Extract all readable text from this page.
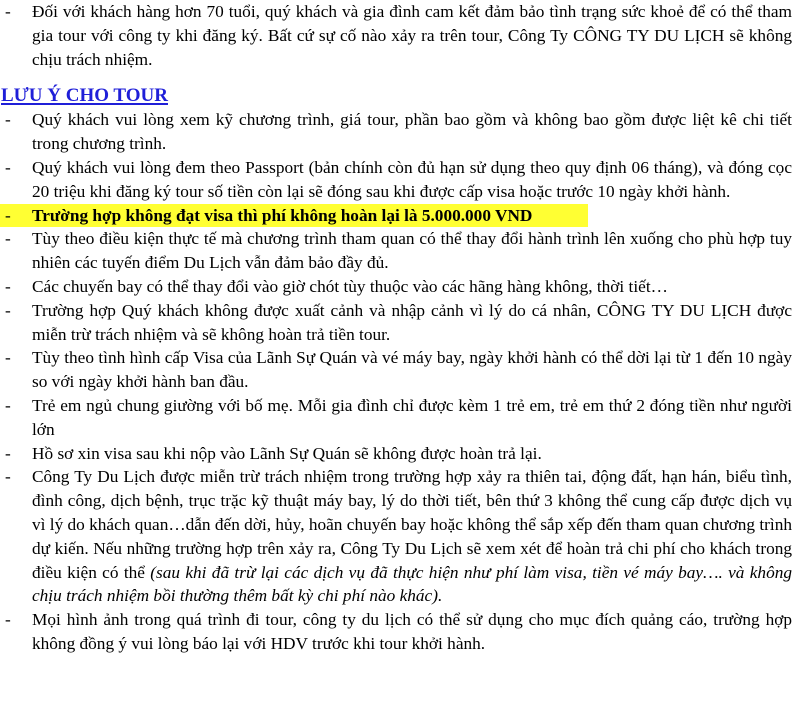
- Đối với khách hàng hơn 70 tuổi, quý khách và gia đình cam kết đảm bảo tình trạng sức khoẻ để có thể tham gia tour với công ty khi đăng ký. Bất cứ sự cố nào xảy ra trên tour, Công Ty CÔNG TY DU LỊCH sẽ không chịu trách nhiệm.
LƯU Ý CHO TOUR
- Quý khách vui lòng xem kỹ chương trình, giá tour, phần bao gồm và không bao gồm được liệt kê chi tiết trong chương trình.
- Quý khách vui lòng đem theo Passport (bản chính còn đủ hạn sử dụng theo quy định 06 tháng), và đóng cọc 20 triệu khi đăng ký tour số tiền còn lại sẽ đóng sau khi được cấp visa hoặc trước 10 ngày khởi hành.
- Trường hợp không đạt visa thì phí không hoàn lại là 5.000.000 VND
- Tùy theo điều kiện thực tế mà chương trình tham quan có thể thay đổi hành trình lên xuống cho phù hợp tuy nhiên các tuyến điểm Du Lịch vẫn đảm bảo đầy đủ.
- Các chuyến bay có thể thay đổi vào giờ chót tùy thuộc vào các hãng hàng không, thời tiết…
- Trường hợp Quý khách không được xuất cảnh và nhập cảnh vì lý do cá nhân, CÔNG TY DU LỊCH được miễn trừ trách nhiệm và sẽ không hoàn trả tiền tour.
- Tùy theo tình hình cấp Visa của Lãnh Sự Quán và vé máy bay, ngày khởi hành có thể dời lại từ 1 đến 10 ngày so với ngày khởi hành ban đầu.
- Trẻ em ngủ chung giường với bố mẹ. Mỗi gia đình chỉ được kèm 1 trẻ em, trẻ em thứ 2 đóng tiền như người lớn
- Hồ sơ xin visa sau khi nộp vào Lãnh Sự Quán sẽ không được hoàn trả lại.
- Công Ty Du Lịch được miễn trừ trách nhiệm trong trường hợp xảy ra thiên tai, động đất, hạn hán, biểu tình, đình công, dịch bệnh, trục trặc kỹ thuật máy bay, lý do thời tiết, bên thứ 3 không thể cung cấp được dịch vụ vì lý do khách quan…dẫn đến dời, hủy, hoãn chuyến bay hoặc không thể sắp xếp đến tham quan chương trình dự kiến. Nếu những trường hợp trên xảy ra, Công Ty Du Lịch sẽ xem xét để hoàn trả chi phí cho khách trong điều kiện có thể (sau khi đã trừ lại các dịch vụ đã thực hiện như phí làm visa, tiền vé máy bay…. và không chịu trách nhiệm bồi thường thêm bất kỳ chi phí nào khác).
- Mọi hình ảnh trong quá trình đi tour, công ty du lịch có thể sử dụng cho mục đích quảng cáo, trường hợp không đồng ý vui lòng báo lại với HDV trước khi tour khởi hành.
